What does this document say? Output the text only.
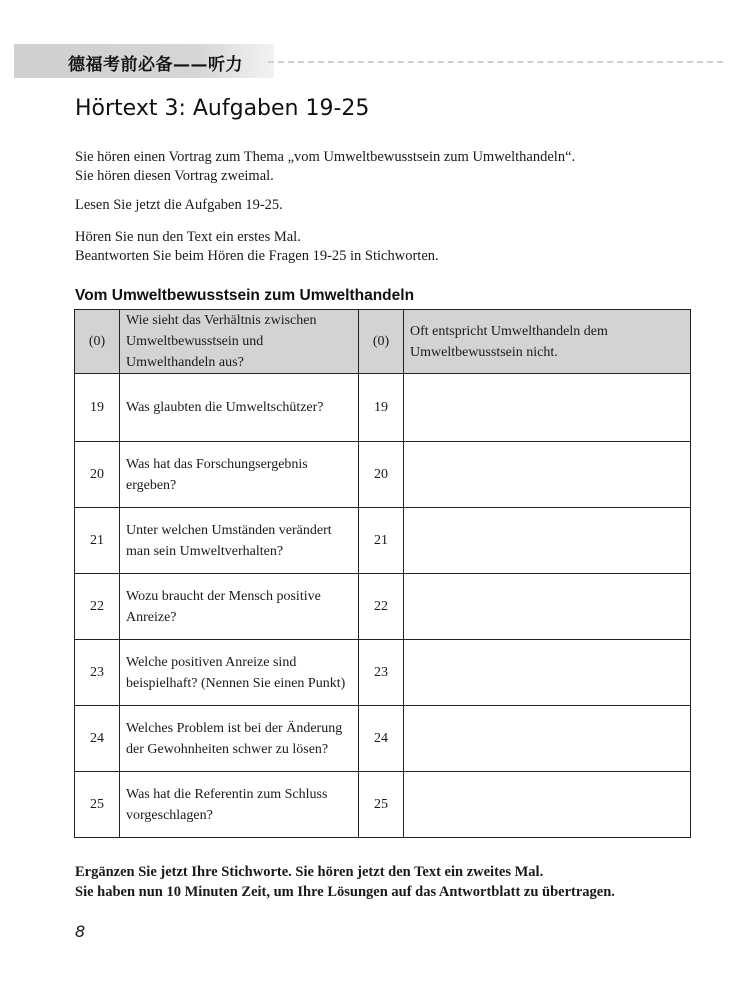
德福考前必备——听力
Hörtext 3: Aufgaben 19-25

Sie hören einen Vortrag zum Thema „vom Umweltbewusstsein zum Umwelthandeln“.
Sie hören diesen Vortrag zweimal.

Lesen Sie jetzt die Aufgaben 19-25.

Hören Sie nun den Text ein erstes Mal.
Beantworten Sie beim Hören die Fragen 19-25 in Stichworten.

Vom Umweltbewusstsein zum Umwelthandeln
(0)	Wie sieht das Verhältnis zwischen Umweltbewusstsein und Umwelthandeln aus?	(0)	Oft entspricht Umwelthandeln dem Umweltbewusstsein nicht.
19	Was glaubten die Umweltschützer?	19	
20	Was hat das Forschungsergebnis ergeben?	20	
21	Unter welchen Umständen verändert man sein Umweltverhalten?	21	
22	Wozu braucht der Mensch positive Anreize?	22	
23	Welche positiven Anreize sind beispielhaft? (Nennen Sie einen Punkt)	23	
24	Welches Problem ist bei der Änderung der Gewohnheiten schwer zu lösen?	24	
25	Was hat die Referentin zum Schluss vorgeschlagen?	25	

Ergänzen Sie jetzt Ihre Stichworte. Sie hören jetzt den Text ein zweites Mal.
Sie haben nun 10 Minuten Zeit, um Ihre Lösungen auf das Antwortblatt zu übertragen.

8
